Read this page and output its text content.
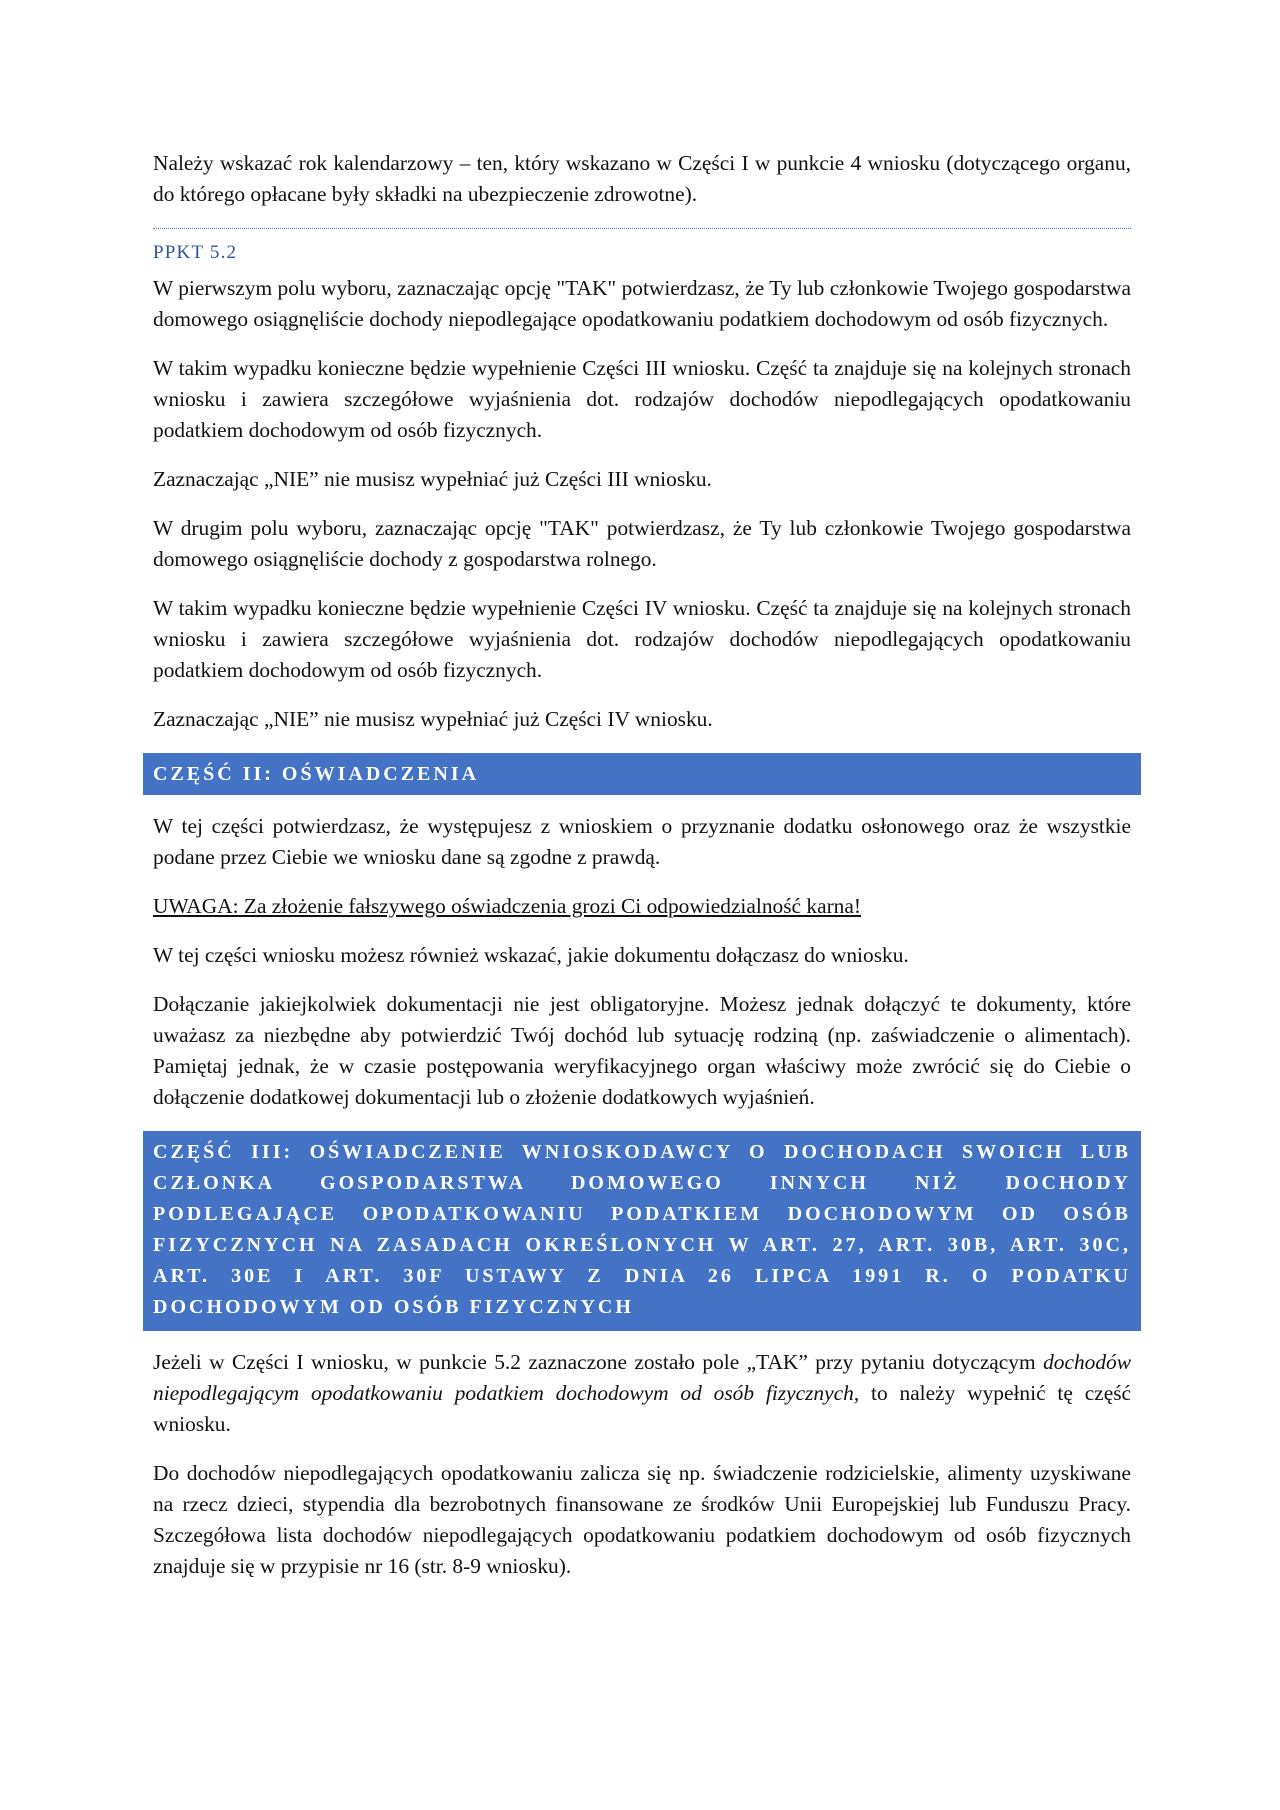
Należy wskazać rok kalendarzowy – ten, który wskazano w Części I w punkcie 4 wniosku (dotyczącego organu, do którego opłacane były składki na ubezpieczenie zdrowotne).

PPKT 5.2

W pierwszym polu wyboru, zaznaczając opcję "TAK" potwierdzasz, że Ty lub członkowie Twojego gospodarstwa domowego osiągnęliście dochody niepodlegające opodatkowaniu podatkiem dochodowym od osób fizycznych.

W takim wypadku konieczne będzie wypełnienie Części III wniosku. Część ta znajduje się na kolejnych stronach wniosku i zawiera szczegółowe wyjaśnienia dot. rodzajów dochodów niepodlegających opodatkowaniu podatkiem dochodowym od osób fizycznych.

Zaznaczając „NIE” nie musisz wypełniać już Części III wniosku.

W drugim polu wyboru, zaznaczając opcję "TAK" potwierdzasz, że Ty lub członkowie Twojego gospodarstwa domowego osiągnęliście dochody z gospodarstwa rolnego.

W takim wypadku konieczne będzie wypełnienie Części IV wniosku. Część ta znajduje się na kolejnych stronach wniosku i zawiera szczegółowe wyjaśnienia dot. rodzajów dochodów niepodlegających opodatkowaniu podatkiem dochodowym od osób fizycznych.

Zaznaczając „NIE” nie musisz wypełniać już Części IV wniosku.

CZĘŚĆ II: OŚWIADCZENIA

W tej części potwierdzasz, że występujesz z wnioskiem o przyznanie dodatku osłonowego oraz że wszystkie podane przez Ciebie we wniosku dane są zgodne z prawdą.

UWAGA: Za złożenie fałszywego oświadczenia grozi Ci odpowiedzialność karna!

W tej części wniosku możesz również wskazać, jakie dokumentu dołączasz do wniosku.

Dołączanie jakiejkolwiek dokumentacji nie jest obligatoryjne. Możesz jednak dołączyć te dokumenty, które uważasz za niezbędne aby potwierdzić Twój dochód lub sytuację rodziną (np. zaświadczenie o alimentach). Pamiętaj jednak, że w czasie postępowania weryfikacyjnego organ właściwy może zwrócić się do Ciebie o dołączenie dodatkowej dokumentacji lub o złożenie dodatkowych wyjaśnień.

CZĘŚĆ III: OŚWIADCZENIE WNIOSKODAWCY O DOCHODACH SWOICH LUB CZŁONKA GOSPODARSTWA DOMOWEGO INNYCH NIŻ DOCHODY PODLEGAJĄCE OPODATKOWANIU PODATKIEM DOCHODOWYM OD OSÓB FIZYCZNYCH NA ZASADACH OKREŚLONYCH W ART. 27, ART. 30B, ART. 30C, ART. 30E I ART. 30F USTAWY Z DNIA 26 LIPCA 1991 R. O PODATKU DOCHODOWYM OD OSÓB FIZYCZNYCH

Jeżeli w Części I wniosku, w punkcie 5.2 zaznaczone zostało pole „TAK” przy pytaniu dotyczącym dochodów niepodlegającym opodatkowaniu podatkiem dochodowym od osób fizycznych, to należy wypełnić tę część wniosku.

Do dochodów niepodlegających opodatkowaniu zalicza się np. świadczenie rodzicielskie, alimenty uzyskiwane na rzecz dzieci, stypendia dla bezrobotnych finansowane ze środków Unii Europejskiej lub Funduszu Pracy. Szczegółowa lista dochodów niepodlegających opodatkowaniu podatkiem dochodowym od osób fizycznych znajduje się w przypisie nr 16 (str. 8-9 wniosku).
